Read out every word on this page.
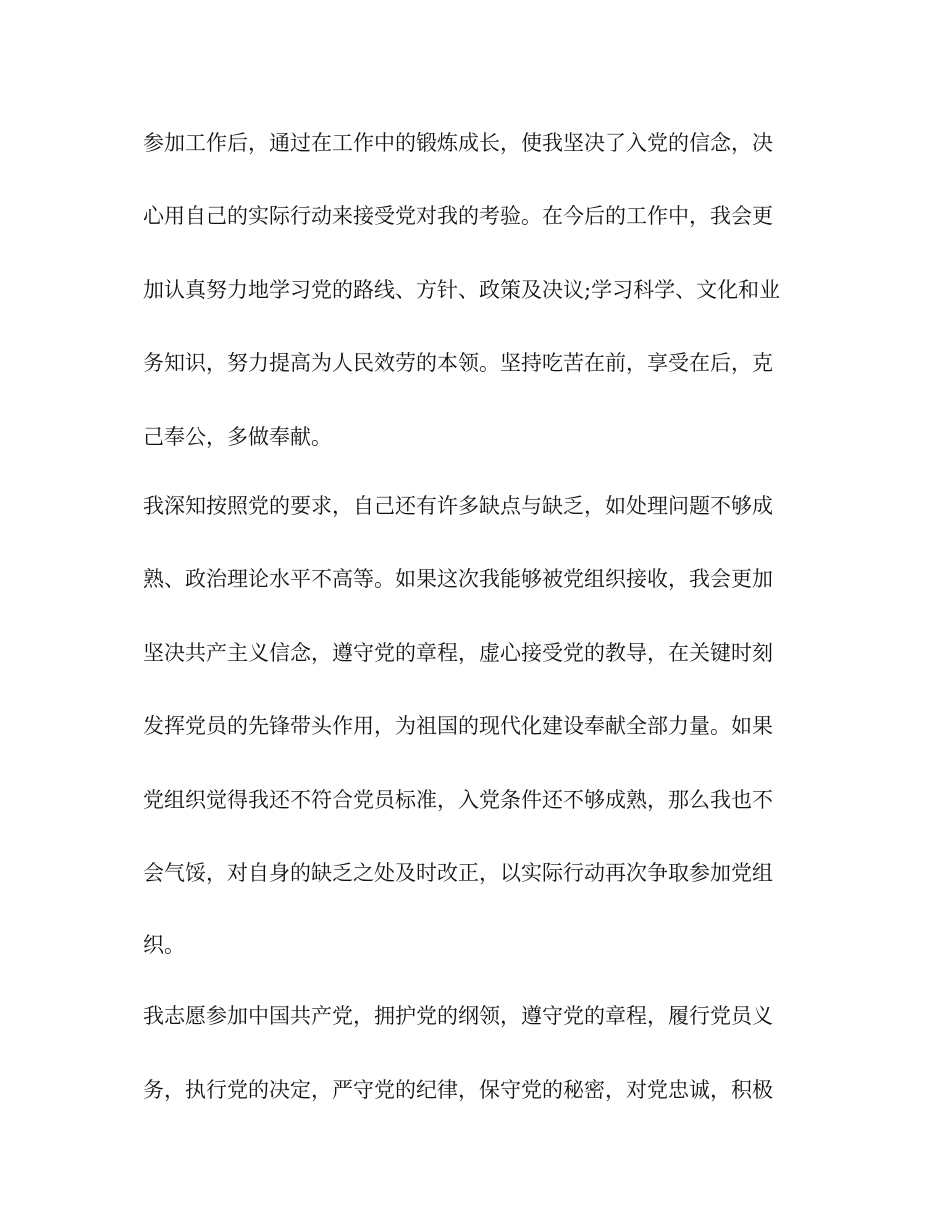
参加工作后，通过在工作中的锻炼成长，使我坚决了入党的信念，决
心用自己的实际行动来接受党对我的考验。在今后的工作中，我会更
加认真努力地学习党的路线、方针、政策及决议;学习科学、文化和业
务知识，努力提高为人民效劳的本领。坚持吃苦在前，享受在后，克
己奉公，多做奉献。
我深知按照党的要求，自己还有许多缺点与缺乏，如处理问题不够成
熟、政治理论水平不高等。如果这次我能够被党组织接收，我会更加
坚决共产主义信念，遵守党的章程，虚心接受党的教导，在关键时刻
发挥党员的先锋带头作用，为祖国的现代化建设奉献全部力量。如果
党组织觉得我还不符合党员标准，入党条件还不够成熟，那么我也不
会气馁，对自身的缺乏之处及时改正，以实际行动再次争取参加党组
织。
我志愿参加中国共产党，拥护党的纲领，遵守党的章程，履行党员义
务，执行党的决定，严守党的纪律，保守党的秘密，对党忠诚，积极
